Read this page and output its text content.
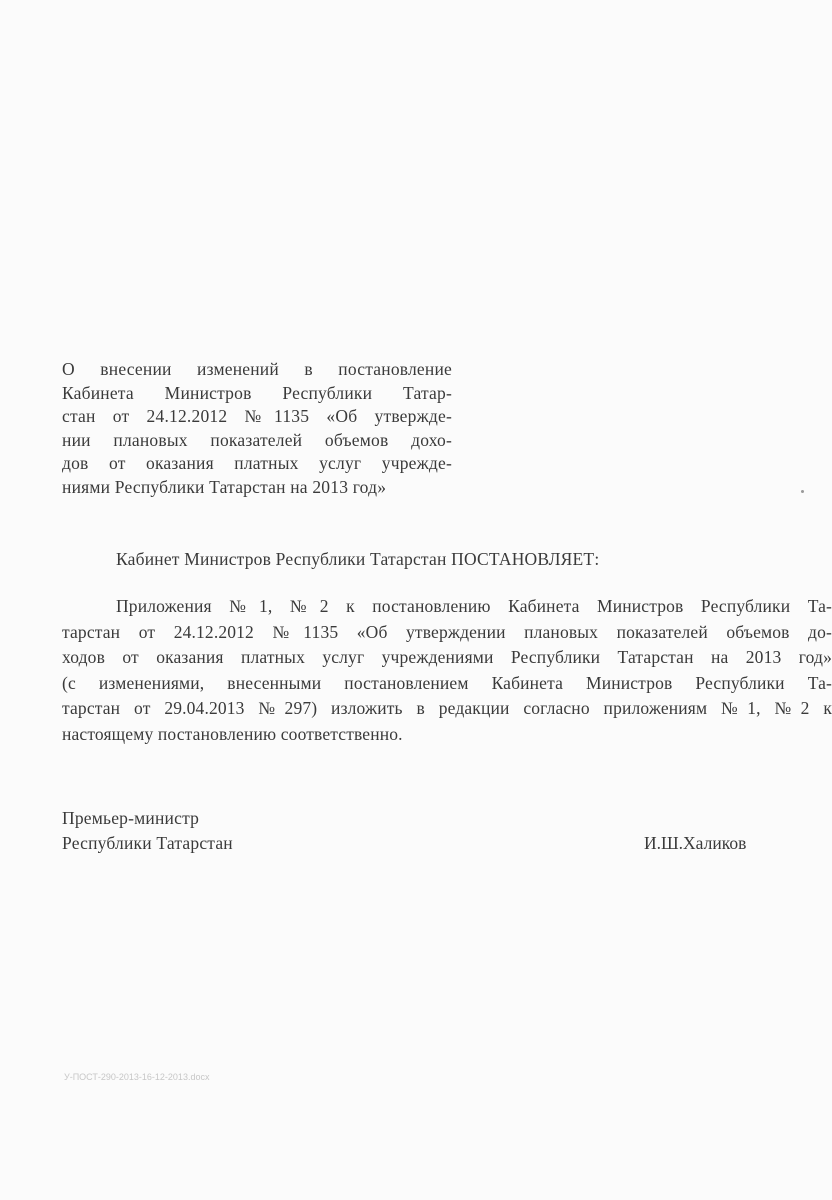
О внесении изменений в постановление
Кабинета Министров Республики Татар-
стан от 24.12.2012 №1135 «Об утвержде-
нии плановых показателей объемов дохо-
дов от оказания платных услуг учрежде-
ниями Республики Татарстан на 2013 год»
Кабинет Министров Республики Татарстан ПОСТАНОВЛЯЕТ:
Приложения №1, №2 к постановлению Кабинета Министров Республики Та-
тарстан от 24.12.2012 №1135 «Об утверждении плановых показателей объемов до-
ходов от оказания платных услуг учреждениями Республики Татарстан на 2013 год»
(с изменениями, внесенными постановлением Кабинета Министров Республики Та-
тарстан от 29.04.2013 №297) изложить в редакции согласно приложениям №1, №2 к
настоящему постановлению соответственно.
Премьер-министр
Республики Татарстан	И.Ш.Халиков
У-ПОСТ-290-2013-16-12-2013.docx
